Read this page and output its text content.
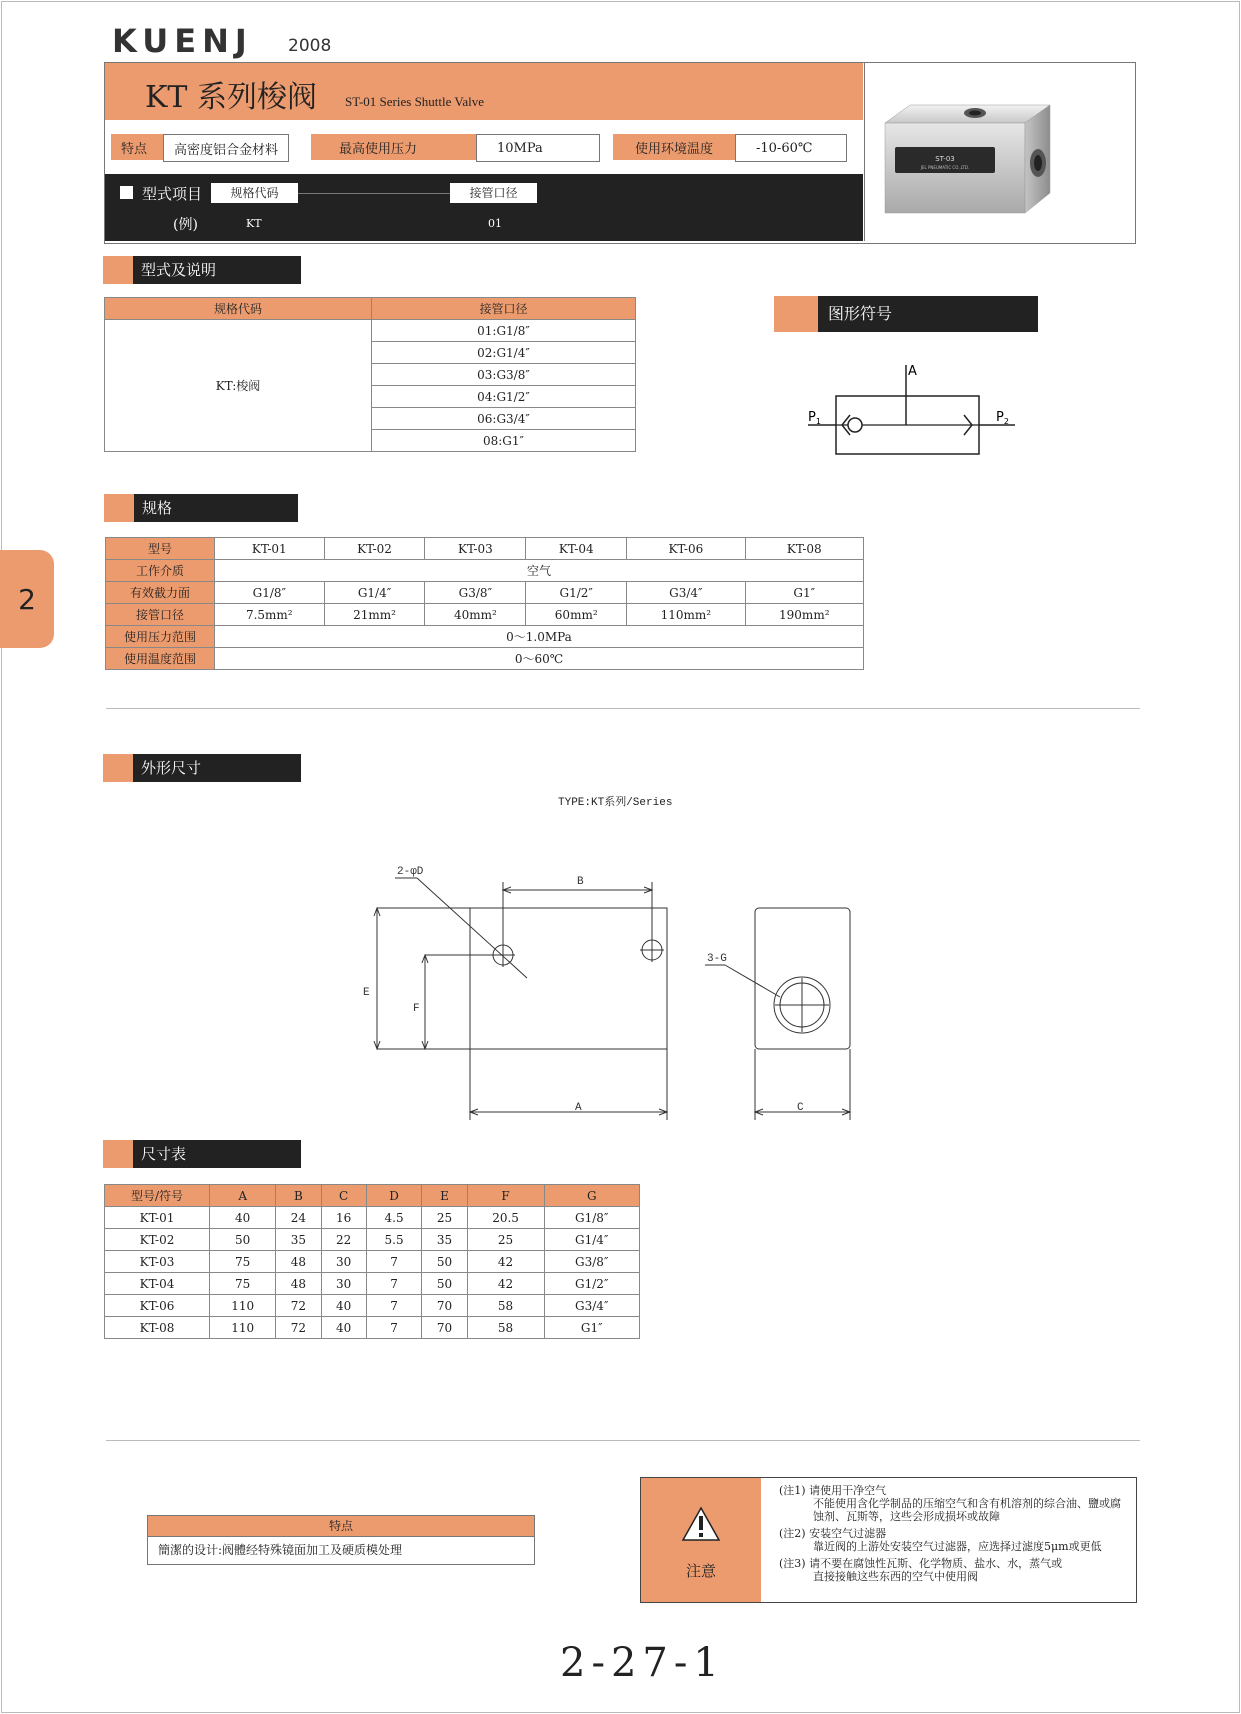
KUENJ 2008
KT 系列梭阀 ST-01 Series Shuttle Valve
特点	高密度铝合金材料	最高使用压力	10MPa	使用环境温度	-10-60℃
型式项目	规格代码	接管口径
(例)	KT	01
ST-03
JEL PNEUMATIC CO.,LTD.
型式及说明
规格代码	接管口径
KT:梭阀	01:G1/8″
	02:G1/4″
	03:G3/8″
	04:G1/2″
	06:G3/4″
	08:G1″
图形符号
A
$P_1$	$P_2$
规格
2
型号	KT-01	KT-02	KT-03	KT-04	KT-06	KT-08
工作介质	空气					
有效截力面	G1/8″	G1/4″	G3/8″	G1/2″	G3/4″	G1″
接管口径	7.5mm²	21mm²	40mm²	60mm²	110mm²	190mm²
使用压力范围	0～1.0MPa					
使用温度范围	0～60℃					
外形尺寸
TYPE:KT系列/Series
2-φD
B
E
F
A
3-G
C
尺寸表
型号/符号	A	B	C	D	E	F	G
KT-01	40	24	16	4.5	25	20.5	G1/8″
KT-02	50	35	22	5.5	35	25	G1/4″
KT-03	75	48	30	7	50	42	G3/8″
KT-04	75	48	30	7	50	42	G1/2″
KT-06	110	72	40	7	70	58	G3/4″
KT-08	110	72	40	7	70	58	G1″
特点
簡潔的设计:阀體经特殊镜面加工及硬质模处理
注意
(注1) 请使用干净空气
不能使用含化学制品的压缩空气和含有机溶剂的综合油、鹽或腐蚀剂、瓦斯等，这些会形成损坏或故障
(注2) 安装空气过滤器
靠近阀的上游处安装空气过滤器，应选择过滤度5μm或更低
(注3) 请不要在腐蚀性瓦斯、化学物质、盐水、水，蒸气或
直接接触这些东西的空气中使用阀
2-27-1
